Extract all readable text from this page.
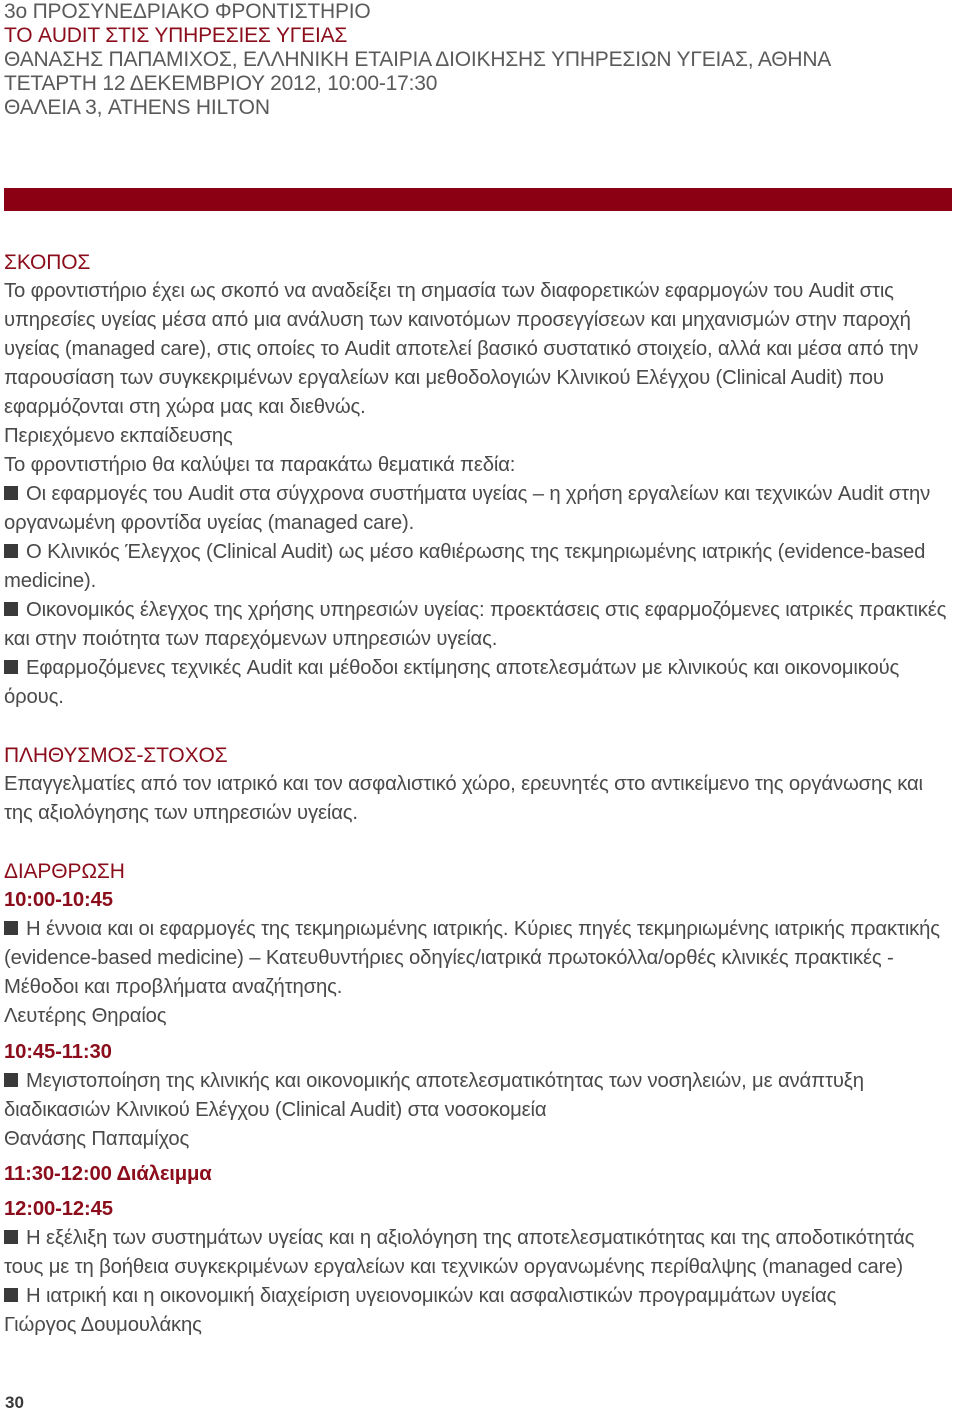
3ο ΠΡΟΣΥΝΕΔΡΙΑΚΟ ΦΡΟΝΤΙΣΤΗΡΙΟ
ΤΟ AUDIT ΣΤΙΣ ΥΠΗΡΕΣΙΕΣ ΥΓΕΙΑΣ
ΘΑΝΑΣΗΣ ΠΑΠΑΜΙΧΟΣ, ΕΛΛΗΝΙΚΗ ΕΤΑΙΡΙΑ ΔΙΟΙΚΗΣΗΣ ΥΠΗΡΕΣΙΩΝ ΥΓΕΙΑΣ, ΑΘΗΝΑ
ΤΕΤΑΡΤΗ 12 ΔΕΚΕΜΒΡΙΟΥ 2012, 10:00-17:30
ΘΑΛΕΙΑ 3, ATHENS HILTON

ΣΚΟΠΟΣ

Το φροντιστήριο έχει ως σκοπό να αναδείξει τη σημασία των διαφορετικών εφαρμογών του Audit στις υπηρεσίες υγείας μέσα από μια ανάλυση των καινοτόμων προσεγγίσεων και μηχανισμών στην παροχή υγείας (managed care), στις οποίες το Audit αποτελεί βασικό συστατικό στοιχείο, αλλά και μέσα από την παρουσίαση των συγκεκριμένων εργαλείων και μεθοδολογιών Κλινικού Ελέγχου (Clinical Audit) που εφαρμόζονται στη χώρα μας και διεθνώς.

Περιεχόμενο εκπαίδευσης

Το φροντιστήριο θα καλύψει τα παρακάτω θεματικά πεδία:

Οι εφαρμογές του Audit στα σύγχρονα συστήματα υγείας – η χρήση εργαλείων και τεχνικών Audit στην οργανωμένη φροντίδα υγείας (managed care).

Ο Κλινικός Έλεγχος (Clinical Audit) ως μέσο καθιέρωσης της τεκμηριωμένης ιατρικής (evidence-based medicine).

Οικονομικός έλεγχος της χρήσης υπηρεσιών υγείας: προεκτάσεις στις εφαρμοζόμενες ιατρικές πρακτικές και στην ποιότητα των παρεχόμενων υπηρεσιών υγείας.

Εφαρμοζόμενες τεχνικές Audit και μέθοδοι εκτίμησης αποτελεσμάτων με κλινικούς και οικονομικούς όρους.

ΠΛΗΘΥΣΜΟΣ-ΣΤΟΧΟΣ

Επαγγελματίες από τον ιατρικό και τον ασφαλιστικό χώρο, ερευνητές στο αντικείμενο της οργάνωσης και της αξιολόγησης των υπηρεσιών υγείας.

ΔΙΑΡΘΡΩΣΗ

10:00-10:45

Η έννοια και οι εφαρμογές της τεκμηριωμένης ιατρικής. Κύριες πηγές τεκμηριωμένης ιατρικής πρακτικής (evidence-based medicine) – Κατευθυντήριες οδηγίες/ιατρικά πρωτοκόλλα/ορθές κλινικές πρακτικές - Μέθοδοι και προβλήματα αναζήτησης.

Λευτέρης Θηραίος

10:45-11:30

Μεγιστοποίηση της κλινικής και οικονομικής αποτελεσματικότητας των νοσηλειών, με ανάπτυξη διαδικασιών Κλινικού Ελέγχου (Clinical Audit) στα νοσοκομεία

Θανάσης Παπαμίχος

11:30-12:00 Διάλειμμα

12:00-12:45

Η εξέλιξη των συστημάτων υγείας και η αξιολόγηση της αποτελεσματικότητας και της αποδοτικότητάς τους με τη βοήθεια συγκεκριμένων εργαλείων και τεχνικών οργανωμένης περίθαλψης (managed care)

Η ιατρική και η οικονομική διαχείριση υγειονομικών και ασφαλιστικών προγραμμάτων υγείας

Γιώργος Δουμουλάκης

30
